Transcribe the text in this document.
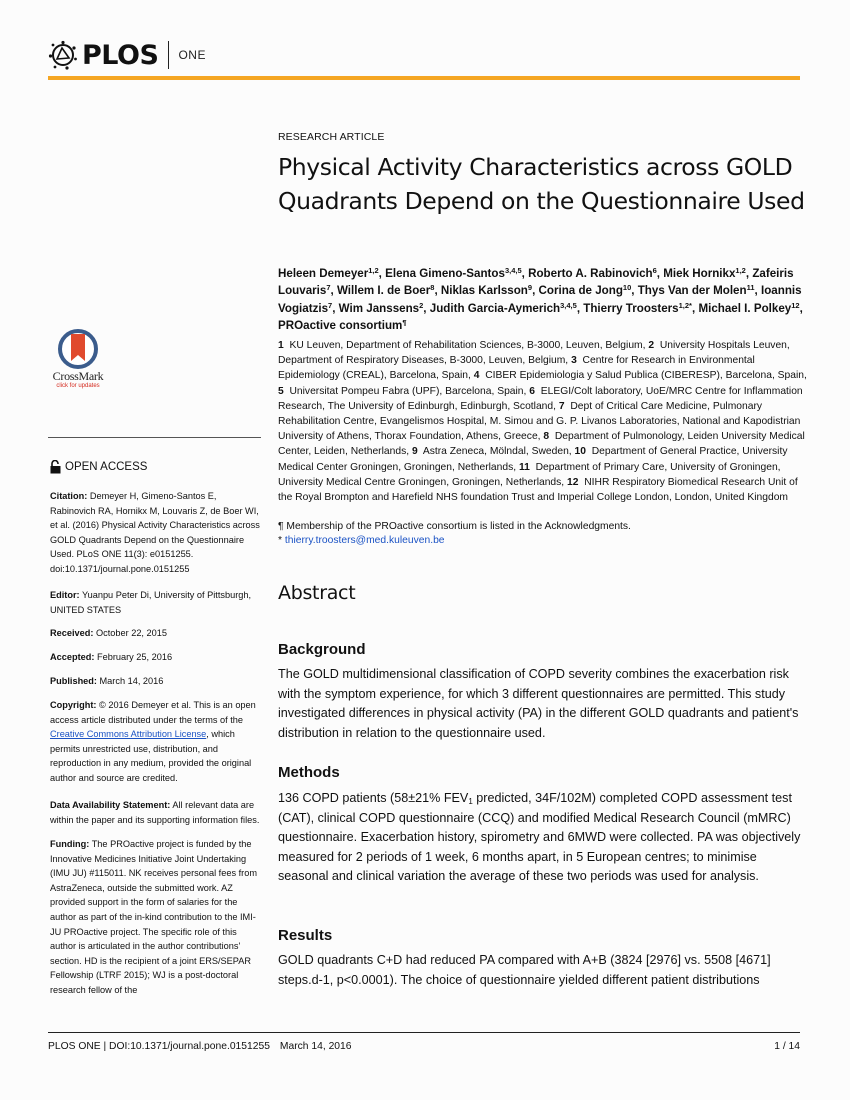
PLOS ONE
CrossMark
click for updates
OPEN ACCESS

Citation: Demeyer H, Gimeno-Santos E, Rabinovich RA, Hornikx M, Louvaris Z, de Boer WI, et al. (2016) Physical Activity Characteristics across GOLD Quadrants Depend on the Questionnaire Used. PLoS ONE 11(3): e0151255. doi:10.1371/journal.pone.0151255

Editor: Yuanpu Peter Di, University of Pittsburgh, UNITED STATES

Received: October 22, 2015

Accepted: February 25, 2016

Published: March 14, 2016

Copyright: © 2016 Demeyer et al. This is an open access article distributed under the terms of the Creative Commons Attribution License, which permits unrestricted use, distribution, and reproduction in any medium, provided the original author and source are credited.

Data Availability Statement: All relevant data are within the paper and its supporting information files.

Funding: The PROactive project is funded by the Innovative Medicines Initiative Joint Undertaking (IMU JU) #115011. NK receives personal fees from AstraZeneca, outside the submitted work. AZ provided support in the form of salaries for the author as part of the in-kind contribution to the IMI-JU PROactive project. The specific role of this author is articulated in the author contributions' section. HD is the recipient of a joint ERS/SEPAR Fellowship (LTRF 2015); WJ is a post-doctoral research fellow of the

RESEARCH ARTICLE
Physical Activity Characteristics across GOLD Quadrants Depend on the Questionnaire Used
Heleen Demeyer$^{1,2}$, Elena Gimeno-Santos$^{3,4,5}$, Roberto A. Rabinovich$^6$, Miek Hornikx$^{1,2}$, Zafeiris Louvaris$^7$, Willem I. de Boer$^8$, Niklas Karlsson$^9$, Corina de Jong$^{10}$, Thys Van der Molen$^{11}$, Ioannis Vogiatzis$^7$, Wim Janssens$^2$, Judith Garcia-Aymerich$^{3,4,5}$, Thierry Troosters$^{1,2*}$, Michael I. Polkey$^{12}$, PROactive consortium¶
1 KU Leuven, Department of Rehabilitation Sciences, B-3000, Leuven, Belgium, 2 University Hospitals Leuven, Department of Respiratory Diseases, B-3000, Leuven, Belgium, 3 Centre for Research in Environmental Epidemiology (CREAL), Barcelona, Spain, 4 CIBER Epidemiologia y Salud Publica (CIBERESP), Barcelona, Spain, 5 Universitat Pompeu Fabra (UPF), Barcelona, Spain, 6 ELEGI/Colt laboratory, UoE/MRC Centre for Inflammation Research, The University of Edinburgh, Edinburgh, Scotland, 7 Dept of Critical Care Medicine, Pulmonary Rehabilitation Centre, Evangelismos Hospital, M. Simou and G. P. Livanos Laboratories, National and Kapodistrian University of Athens, Thorax Foundation, Athens, Greece, 8 Department of Pulmonology, Leiden University Medical Center, Leiden, Netherlands, 9 Astra Zeneca, Mölndal, Sweden, 10 Department of General Practice, University Medical Center Groningen, Groningen, Netherlands, 11 Department of Primary Care, University of Groningen, University Medical Centre Groningen, Groningen, Netherlands, 12 NIHR Respiratory Biomedical Research Unit of the Royal Brompton and Harefield NHS foundation Trust and Imperial College London, London, United Kingdom
¶ Membership of the PROactive consortium is listed in the Acknowledgments.
* thierry.troosters@med.kuleuven.be
Abstract
Background

The GOLD multidimensional classification of COPD severity combines the exacerbation risk with the symptom experience, for which 3 different questionnaires are permitted. This study investigated differences in physical activity (PA) in the different GOLD quadrants and patient's distribution in relation to the questionnaire used.

Methods

136 COPD patients (58±21% $FEV_1$ predicted, 34F/102M) completed COPD assessment test (CAT), clinical COPD questionnaire (CCQ) and modified Medical Research Council (mMRC) questionnaire. Exacerbation history, spirometry and 6MWD were collected. PA was objectively measured for 2 periods of 1 week, 6 months apart, in 5 European centres; to minimise seasonal and clinical variation the average of these two periods was used for analysis.

Results

GOLD quadrants C+D had reduced PA compared with A+B (3824 [2976] vs. 5508 [4671] steps.d-1, p<0.0001). The choice of questionnaire yielded different patient distributions

PLOS ONE | DOI:10.1371/journal.pone.0151255 March 14, 2016	1 / 14
